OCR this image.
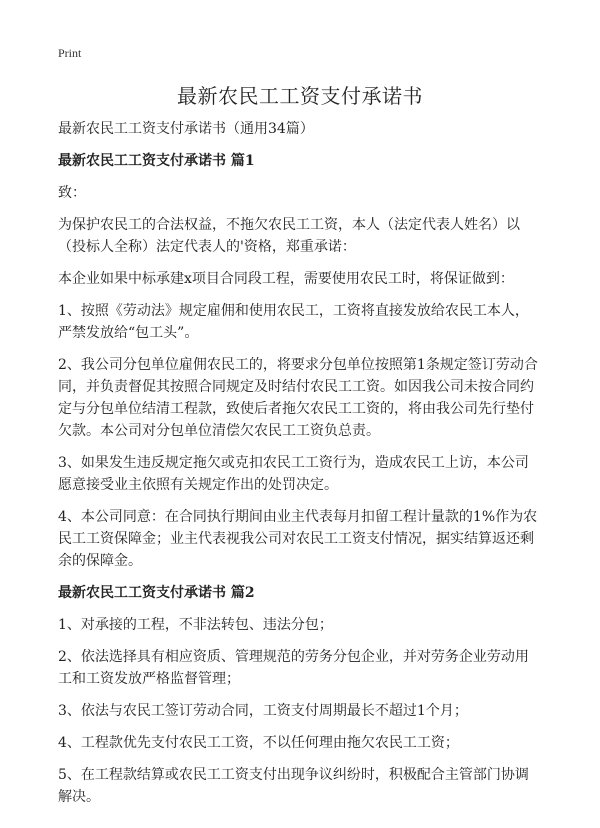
Print
最新农民工工资支付承诺书

最新农民工工资支付承诺书（通用34篇）

最新农民工工资支付承诺书 篇1

致：

为保护农民工的合法权益，不拖欠农民工工资，本人（法定代表人姓名）以（投标人全称）法定代表人的'资格，郑重承诺：

本企业如果中标承建x项目合同段工程，需要使用农民工时，将保证做到：

1、按照《劳动法》规定雇佣和使用农民工，工资将直接发放给农民工本人，严禁发放给“包工头”。

2、我公司分包单位雇佣农民工的，将要求分包单位按照第1条规定签订劳动合同，并负责督促其按照合同规定及时结付农民工工资。如因我公司未按合同约定与分包单位结清工程款，致使后者拖欠农民工工资的，将由我公司先行垫付欠款。本公司对分包单位清偿欠农民工工资负总责。

3、如果发生违反规定拖欠或克扣农民工工资行为，造成农民工上访，本公司愿意接受业主依照有关规定作出的处罚决定。

4、本公司同意：在合同执行期间由业主代表每月扣留工程计量款的1%作为农民工工资保障金；业主代表视我公司对农民工工资支付情况，据实结算返还剩余的保障金。

最新农民工工资支付承诺书 篇2

1、对承接的工程，不非法转包、违法分包；

2、依法选择具有相应资质、管理规范的劳务分包企业，并对劳务企业劳动用工和工资发放严格监督管理；

3、依法与农民工签订劳动合同，工资支付周期最长不超过1个月；

4、工程款优先支付农民工工资，不以任何理由拖欠农民工工资；

5、在工程款结算或农民工工资支付出现争议纠纷时，积极配合主管部门协调解决。
